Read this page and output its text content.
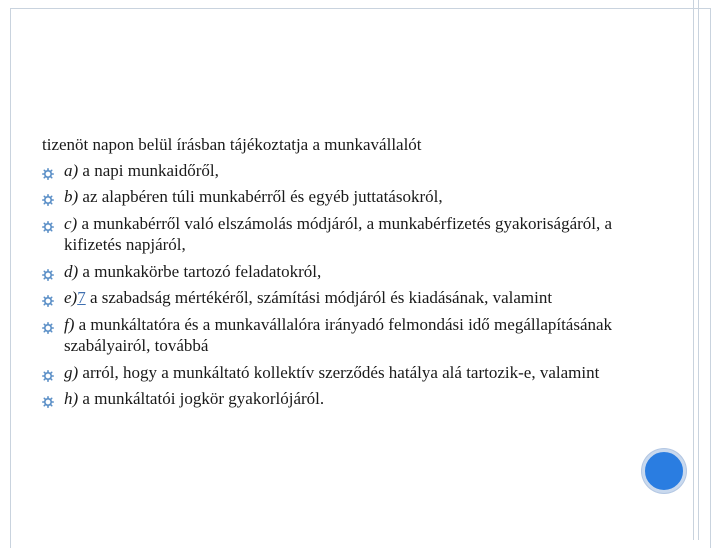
tizenöt napon belül írásban tájékoztatja a munkavállalót

a) a napi munkaidőről,
b) az alapbéren túli munkabérről és egyéb juttatásokról,
c) a munkabérről való elszámolás módjáról, a munkabérfizetés gyakoriságáról, a kifizetés napjáról,
d) a munkakörbe tartozó feladatokról,
e)7 a szabadság mértékéről, számítási módjáról és kiadásának, valamint
f) a munkáltatóra és a munkavállalóra irányadó felmondási idő megállapításának szabályairól, továbbá
g) arról, hogy a munkáltató kollektív szerződés hatálya alá tartozik-e, valamint
h) a munkáltatói jogkör gyakorlójáról.
